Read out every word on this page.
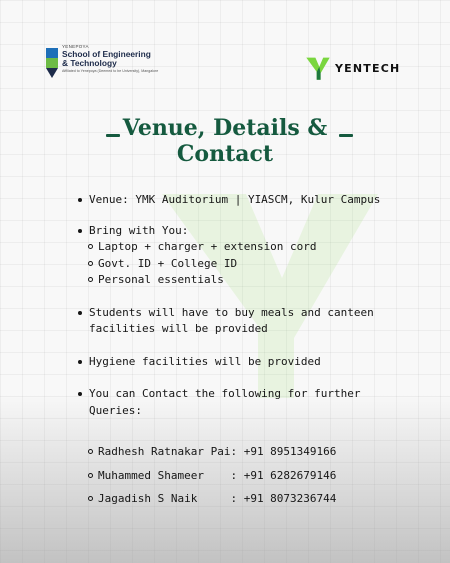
YENEPOYA
School of Engineering
& Technology
Affiliated to Yenepoya (Deemed to be University), Mangalore	YENTECH

Venue, Details &

Contact

Venue: YMK Auditorium | YIASCM, Kulur Campus
Bring with You:
Laptop + charger + extension cord
Govt. ID + College ID
Personal essentials
Students will have to buy meals and canteen
facilities will be provided
Hygiene facilities will be provided
You can Contact the following for further
Queries:
Radhesh Ratnakar Pai: +91 8951349166
Muhammed Shameer    : +91 6282679146
Jagadish S Naik     : +91 8073236744
